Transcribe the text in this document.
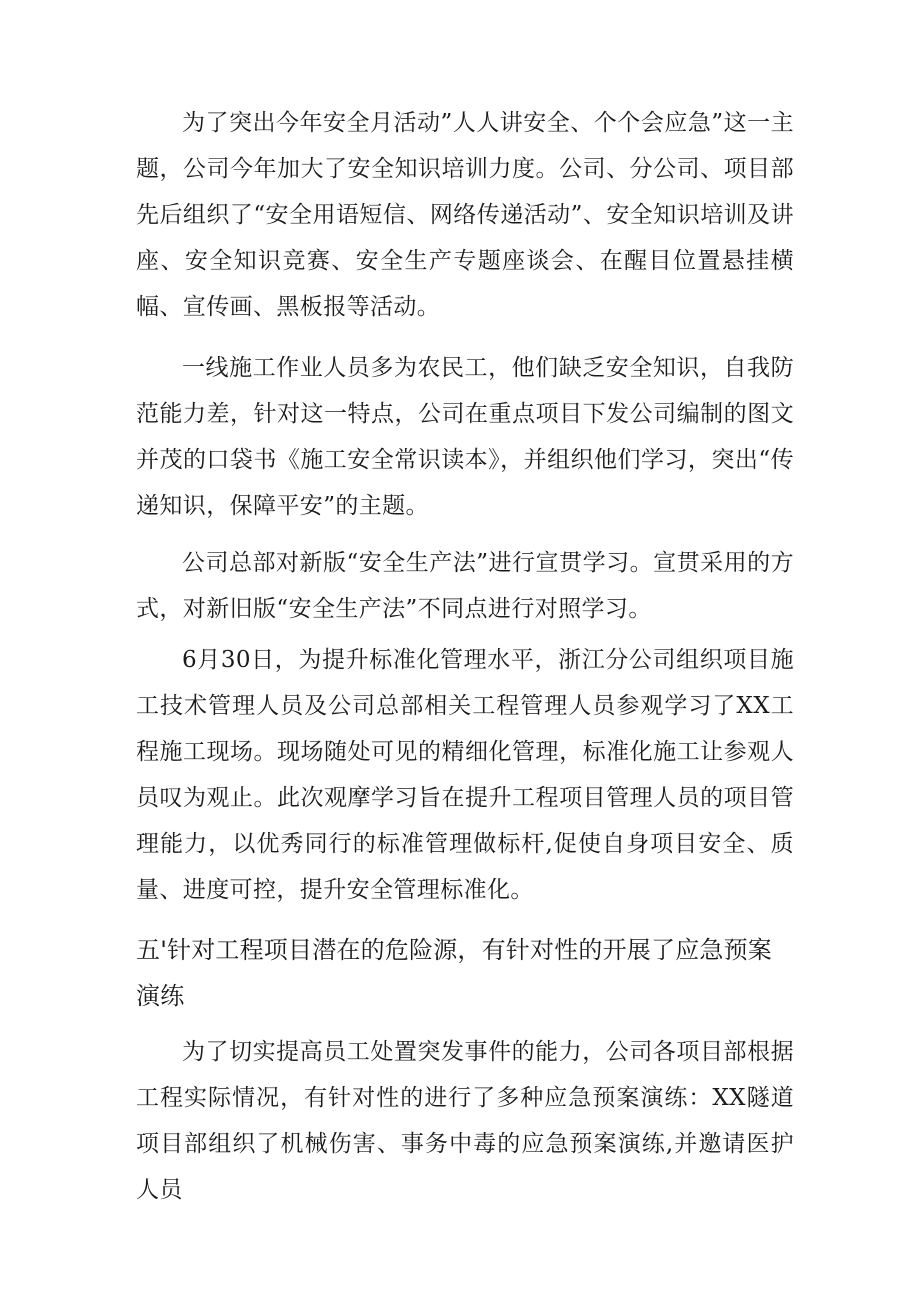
为了突出今年安全月活动”人人讲安全、个个会应急”这一主题，公司今年加大了安全知识培训力度。公司、分公司、项目部先后组织了“安全用语短信、网络传递活动”、安全知识培训及讲座、安全知识竞赛、安全生产专题座谈会、在醒目位置悬挂横幅、宣传画、黑板报等活动。

一线施工作业人员多为农民工，他们缺乏安全知识，自我防范能力差，针对这一特点，公司在重点项目下发公司编制的图文并茂的口袋书《施工安全常识读本》，并组织他们学习，突出“传递知识，保障平安”的主题。

公司总部对新版“安全生产法”进行宣贯学习。宣贯采用的方式，对新旧版“安全生产法”不同点进行对照学习。

6月30日，为提升标准化管理水平，浙江分公司组织项目施工技术管理人员及公司总部相关工程管理人员参观学习了XX工程施工现场。现场随处可见的精细化管理，标准化施工让参观人员叹为观止。此次观摩学习旨在提升工程项目管理人员的项目管理能力，以优秀同行的标准管理做标杆,促使自身项目安全、质量、进度可控，提升安全管理标准化。

五'针对工程项目潜在的危险源，有针对性的开展了应急预案演练

为了切实提高员工处置突发事件的能力，公司各项目部根据工程实际情况，有针对性的进行了多种应急预案演练：XX隧道项目部组织了机械伤害、事务中毒的应急预案演练,并邀请医护人员
